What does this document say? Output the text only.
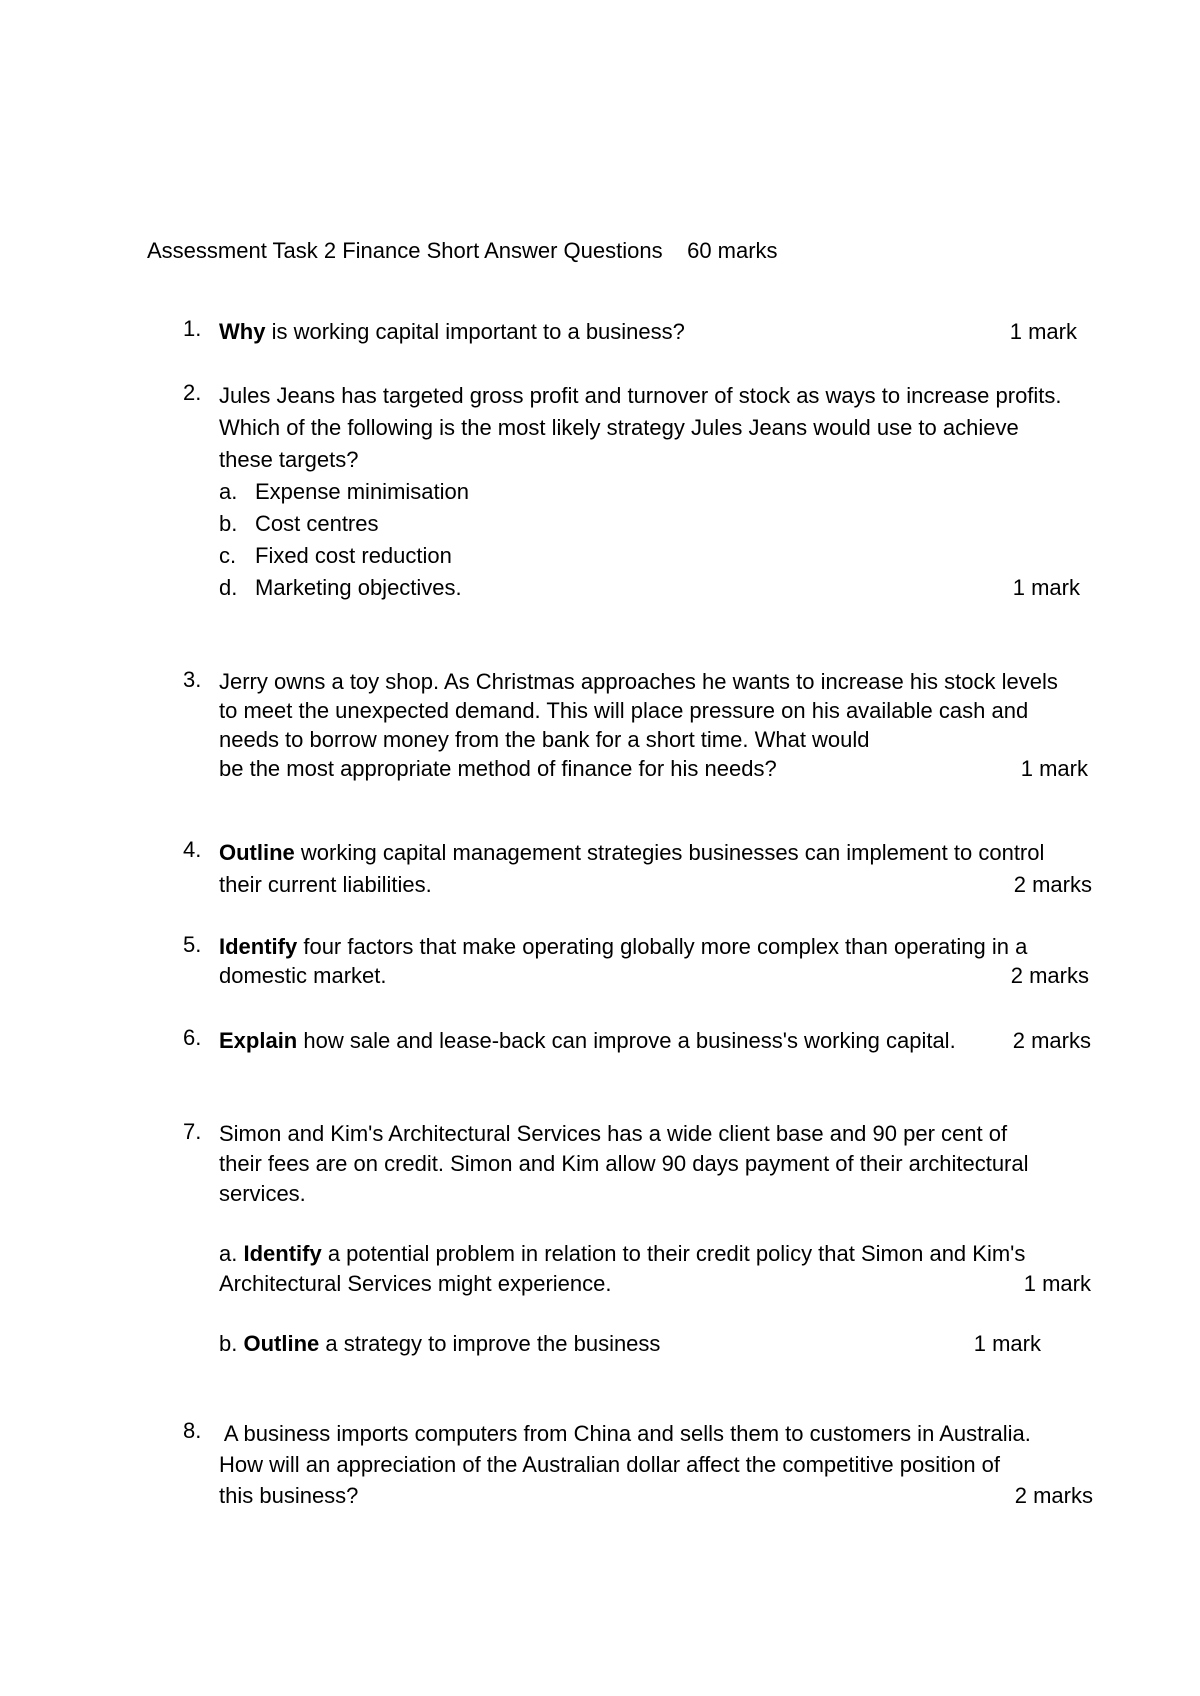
Assessment Task 2 Finance Short Answer Questions 60 marks
1. Why is working capital important to a business?	1 mark
2. Jules Jeans has targeted gross profit and turnover of stock as ways to increase profits.
Which of the following is the most likely strategy Jules Jeans would use to achieve
these targets?
a. Expense minimisation
b. Cost centres
c. Fixed cost reduction
d. Marketing objectives.	1 mark
3. Jerry owns a toy shop. As Christmas approaches he wants to increase his stock levels
to meet the unexpected demand. This will place pressure on his available cash and
needs to borrow money from the bank for a short time. What would
be the most appropriate method of finance for his needs?	1 mark
4. Outline working capital management strategies businesses can implement to control
their current liabilities.	2 marks
5. Identify four factors that make operating globally more complex than operating in a
domestic market.	2 marks
6. Explain how sale and lease-back can improve a business's working capital.	2 marks
7. Simon and Kim's Architectural Services has a wide client base and 90 per cent of
their fees are on credit. Simon and Kim allow 90 days payment of their architectural
services.
a. Identify a potential problem in relation to their credit policy that Simon and Kim's
Architectural Services might experience.	1 mark
b. Outline a strategy to improve the business	1 mark
8. A business imports computers from China and sells them to customers in Australia.
How will an appreciation of the Australian dollar affect the competitive position of
this business?	2 marks
